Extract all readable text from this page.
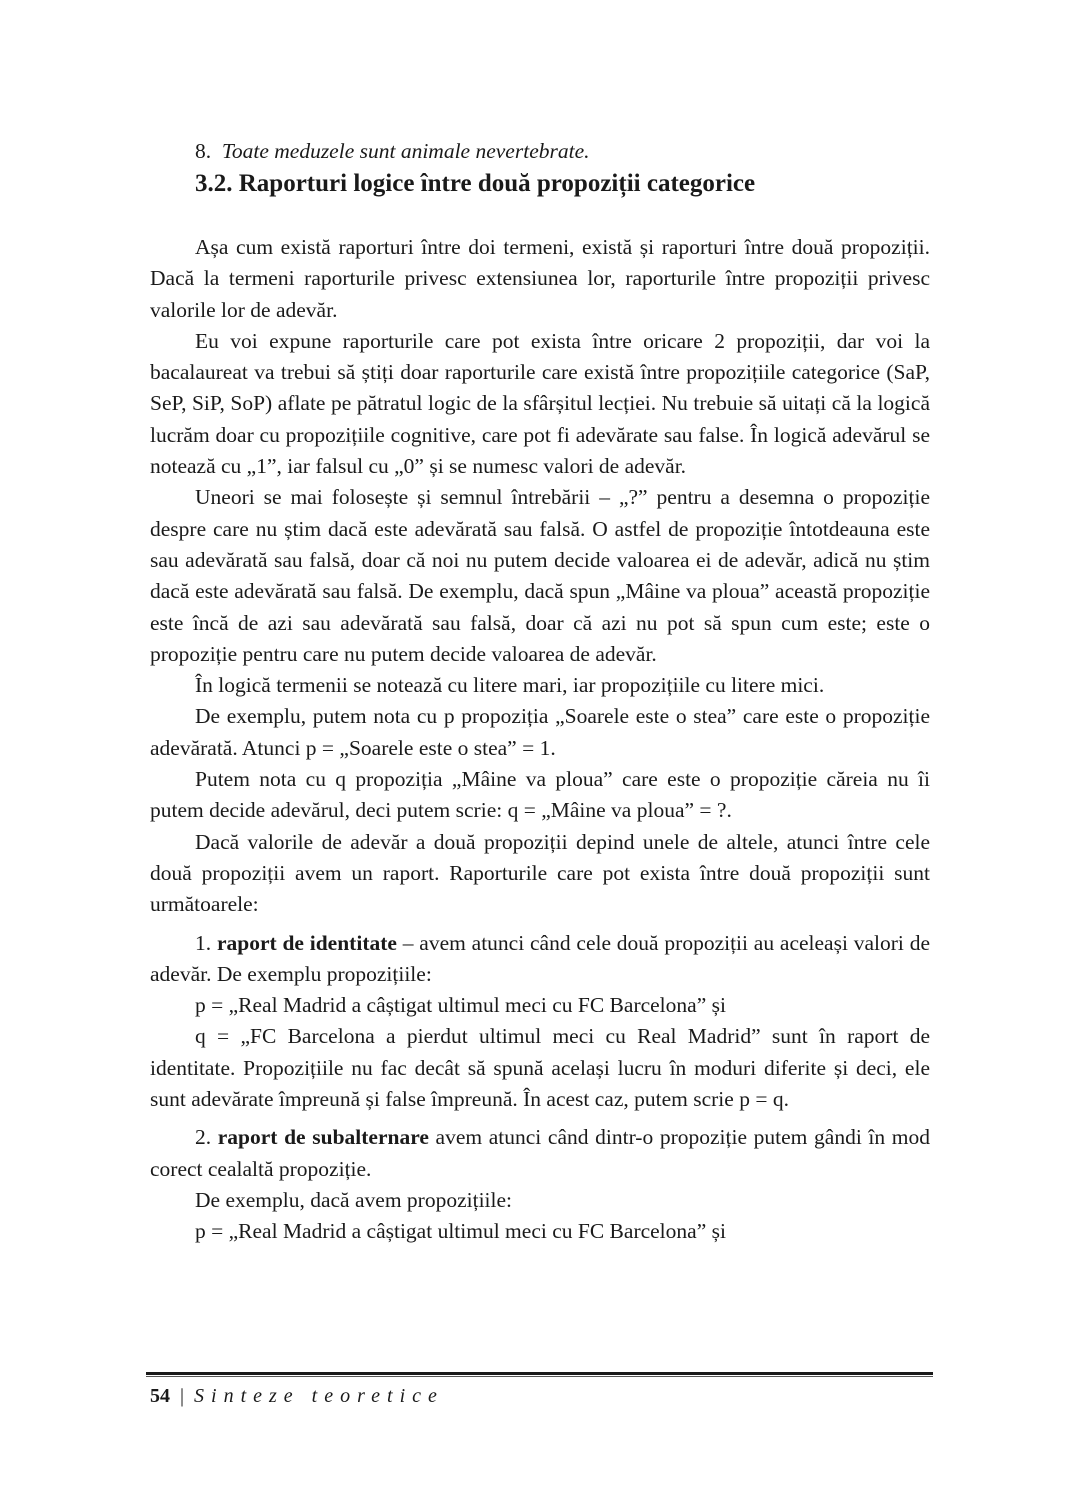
8. Toate meduzele sunt animale nevertebrate.
3.2. Raporturi logice între două propoziții categorice

Așa cum există raporturi între doi termeni, există și raporturi între două propoziții. Dacă la termeni raporturile privesc extensiunea lor, raporturile între propoziții privesc valorile lor de adevăr.

Eu voi expune raporturile care pot exista între oricare 2 propoziții, dar voi la bacalaureat va trebui să știți doar raporturile care există între propozițiile categorice (SaP, SeP, SiP, SoP) aflate pe pătratul logic de la sfârșitul lecției. Nu trebuie să uitați că la logică lucrăm doar cu propozițiile cognitive, care pot fi adevărate sau false. În logică adevărul se notează cu „1”, iar falsul cu „0” și se numesc valori de adevăr.

Uneori se mai folosește și semnul întrebării – „?” pentru a desemna o propoziție despre care nu știm dacă este adevărată sau falsă. O astfel de propoziție întotdeauna este sau adevărată sau falsă, doar că noi nu putem decide valoarea ei de adevăr, adică nu știm dacă este adevărată sau falsă. De exemplu, dacă spun „Mâine va ploua” această propoziție este încă de azi sau adevărată sau falsă, doar că azi nu pot să spun cum este; este o propoziție pentru care nu putem decide valoarea de adevăr.

În logică termenii se notează cu litere mari, iar propozițiile cu litere mici.

De exemplu, putem nota cu p propoziția „Soarele este o stea” care este o propoziție adevărată. Atunci p = „Soarele este o stea” = 1.

Putem nota cu q propoziția „Mâine va ploua” care este o propoziție căreia nu îi putem decide adevărul, deci putem scrie: q = „Mâine va ploua” = ?.

Dacă valorile de adevăr a două propoziții depind unele de altele, atunci între cele două propoziții avem un raport. Raporturile care pot exista între două propoziții sunt următoarele:

1. raport de identitate – avem atunci când cele două propoziții au aceleași valori de adevăr. De exemplu propozițiile:

p = „Real Madrid a câștigat ultimul meci cu FC Barcelona” și

q = „FC Barcelona a pierdut ultimul meci cu Real Madrid” sunt în raport de identitate. Propozițiile nu fac decât să spună același lucru în moduri diferite și deci, ele sunt adevărate împreună și false împreună. În acest caz, putem scrie p = q.

2. raport de subalternare avem atunci când dintr-o propoziție putem gândi în mod corect cealaltă propoziție.

De exemplu, dacă avem propozițiile:

p = „Real Madrid a câștigat ultimul meci cu FC Barcelona” și

54 | Sinteze teoretice
